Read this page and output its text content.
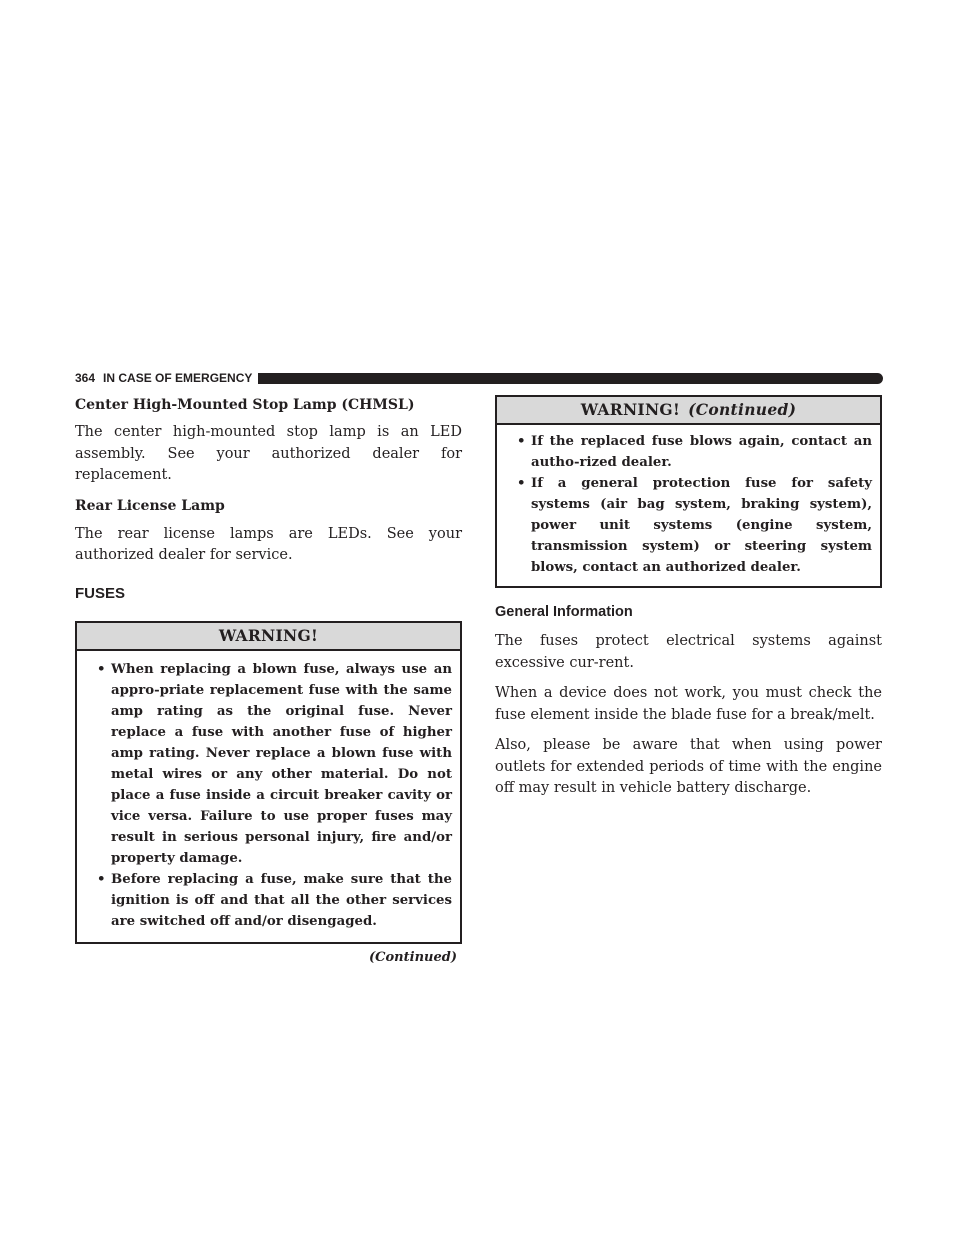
364 IN CASE OF EMERGENCY
Center High-Mounted Stop Lamp (CHMSL)

The center high-mounted stop lamp is an LED assembly. See your authorized dealer for replacement.

Rear License Lamp

The rear license lamps are LEDs. See your authorized dealer for service.

FUSES
WARNING!
• When replacing a blown fuse, always use an appro-priate replacement fuse with the same amp rating as the original fuse. Never replace a fuse with another fuse of higher amp rating. Never replace a blown fuse with metal wires or any other material. Do not place a fuse inside a circuit breaker cavity or vice versa. Failure to use proper fuses may result in serious personal injury, fire and/or property damage.
• Before replacing a fuse, make sure that the ignition is off and that all the other services are switched off and/or disengaged.
(Continued)
WARNING! (Continued)
• If the replaced fuse blows again, contact an autho-rized dealer.
• If a general protection fuse for safety systems (air bag system, braking system), power unit systems (engine system, transmission system) or steering system blows, contact an authorized dealer.
General Information

The fuses protect electrical systems against excessive cur-rent.

When a device does not work, you must check the fuse element inside the blade fuse for a break/melt.

Also, please be aware that when using power outlets for extended periods of time with the engine off may result in vehicle battery discharge.
